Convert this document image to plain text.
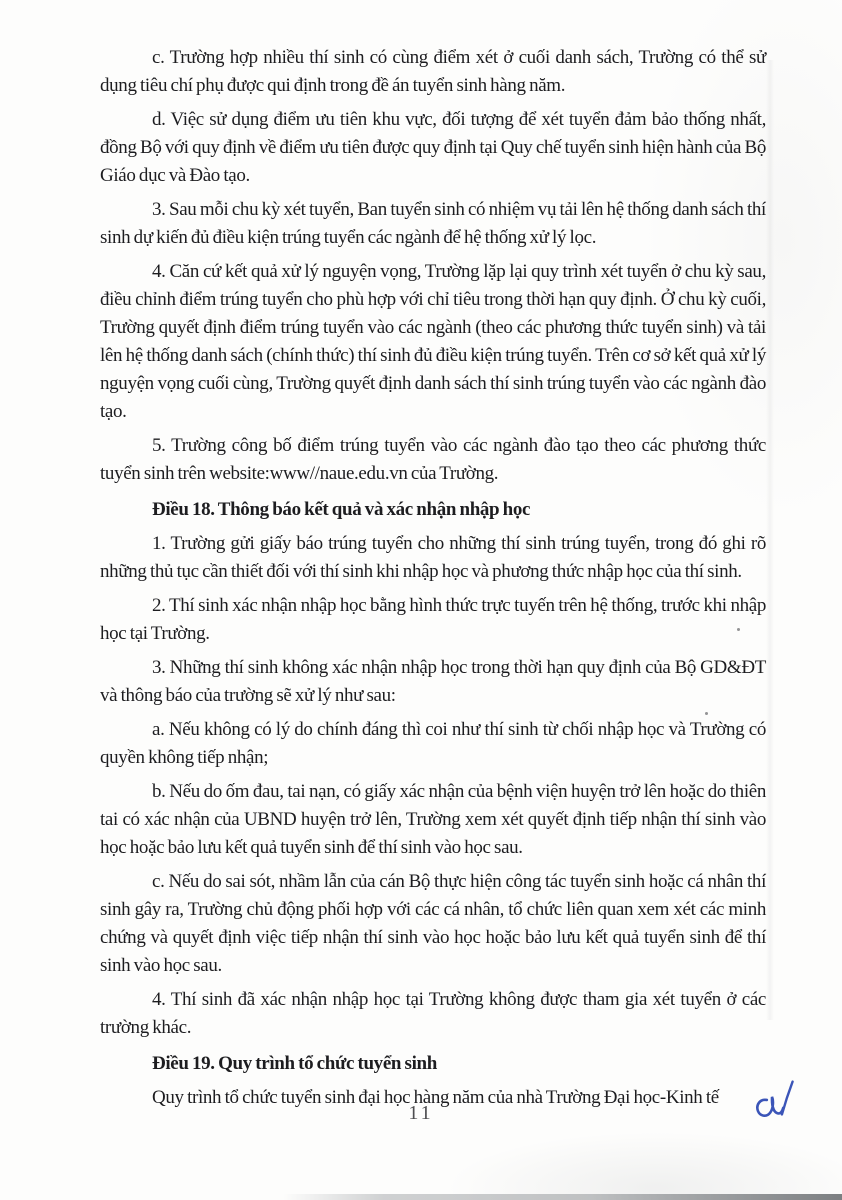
c. Trường hợp nhiều thí sinh có cùng điểm xét ở cuối danh sách, Trường có thể sử dụng tiêu chí phụ được qui định trong đề án tuyển sinh hàng năm.

d. Việc sử dụng điểm ưu tiên khu vực, đối tượng để xét tuyển đảm bảo thống nhất, đồng Bộ với quy định về điểm ưu tiên được quy định tại Quy chế tuyển sinh hiện hành của Bộ Giáo dục và Đào tạo.

3. Sau mỗi chu kỳ xét tuyển, Ban tuyển sinh có nhiệm vụ tải lên hệ thống danh sách thí sinh dự kiến đủ điều kiện trúng tuyển các ngành để hệ thống xử lý lọc.

4. Căn cứ kết quả xử lý nguyện vọng, Trường lặp lại quy trình xét tuyển ở chu kỳ sau, điều chỉnh điểm trúng tuyển cho phù hợp với chỉ tiêu trong thời hạn quy định. Ở chu kỳ cuối, Trường quyết định điểm trúng tuyển vào các ngành (theo các phương thức tuyển sinh) và tải lên hệ thống danh sách (chính thức) thí sinh đủ điều kiện trúng tuyển. Trên cơ sở kết quả xử lý nguyện vọng cuối cùng, Trường quyết định danh sách thí sinh trúng tuyển vào các ngành đào tạo.

5. Trường công bố điểm trúng tuyển vào các ngành đào tạo theo các phương thức tuyển sinh trên website:www//naue.edu.vn của Trường.

Điều 18. Thông báo kết quả và xác nhận nhập học

1. Trường gửi giấy báo trúng tuyển cho những thí sinh trúng tuyển, trong đó ghi rõ những thủ tục cần thiết đối với thí sinh khi nhập học và phương thức nhập học của thí sinh.

2. Thí sinh xác nhận nhập học bằng hình thức trực tuyến trên hệ thống, trước khi nhập học tại Trường.

3. Những thí sinh không xác nhận nhập học trong thời hạn quy định của Bộ GD&ĐT và thông báo của trường sẽ xử lý như sau:

a. Nếu không có lý do chính đáng thì coi như thí sinh từ chối nhập học và Trường có quyền không tiếp nhận;

b. Nếu do ốm đau, tai nạn, có giấy xác nhận của bệnh viện huyện trở lên hoặc do thiên tai có xác nhận của UBND huyện trở lên, Trường xem xét quyết định tiếp nhận thí sinh vào học hoặc bảo lưu kết quả tuyển sinh để thí sinh vào học sau.

c. Nếu do sai sót, nhầm lẫn của cán Bộ thực hiện công tác tuyển sinh hoặc cá nhân thí sinh gây ra, Trường chủ động phối hợp với các cá nhân, tổ chức liên quan xem xét các minh chứng và quyết định việc tiếp nhận thí sinh vào học hoặc bảo lưu kết quả tuyển sinh để thí sinh vào học sau.

4. Thí sinh đã xác nhận nhập học tại Trường không được tham gia xét tuyển ở các trường khác.

Điều 19. Quy trình tổ chức tuyển sinh

Quy trình tổ chức tuyển sinh đại học hàng năm của nhà Trường Đại học-Kinh tế

11
